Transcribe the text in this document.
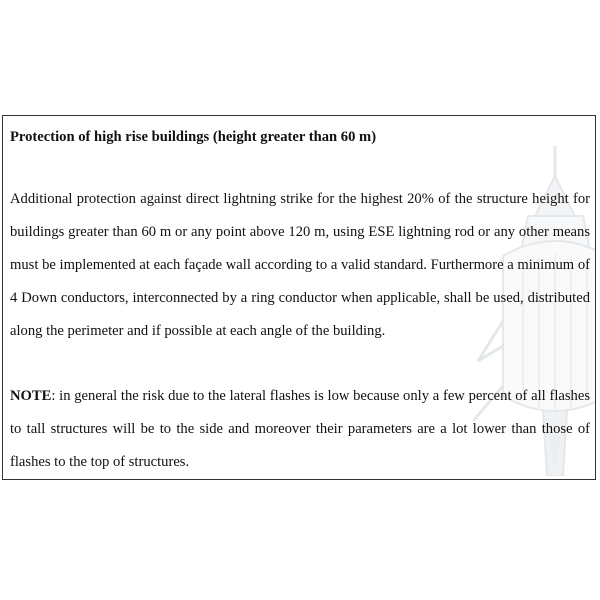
Protection of high rise buildings (height greater than 60 m)

Additional protection against direct lightning strike for the highest 20% of the structure height for buildings greater than 60 m or any point above 120 m, using ESE lightning rod or any other means must be implemented at each façade wall according to a valid standard. Furthermore a minimum of 4 Down conductors, interconnected by a ring conductor when applicable, shall be used, distributed along the perimeter and if possible at each angle of the building.

NOTE: in general the risk due to the lateral flashes is low because only a few percent of all flashes to tall structures will be to the side and moreover their parameters are a lot lower than those of flashes to the top of structures.
